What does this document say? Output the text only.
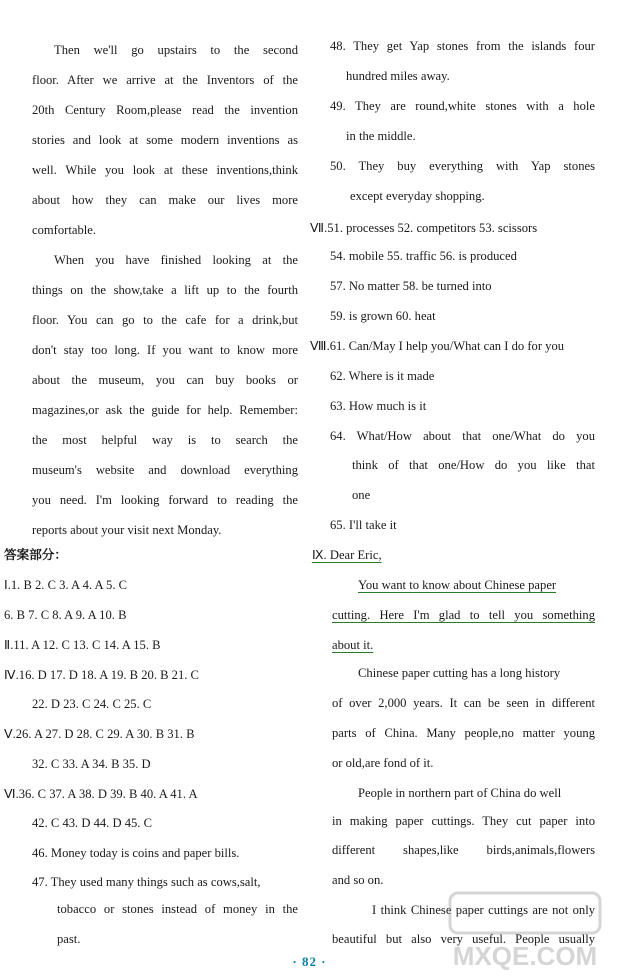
Then we'll go upstairs to the second
floor. After we arrive at the Inventors of the
20th Century Room,please read the invention
stories and look at some modern inventions as
well. While you look at these inventions,think
about how they can make our lives more
comfortable.
When you have finished looking at the
things on the show,take a lift up to the fourth
floor. You can go to the cafe for a drink,but
don't stay too long. If you want to know more
about the museum, you can buy books or
magazines,or ask the guide for help. Remember:
the most helpful way is to search the
museum's website and download everything
you need. I'm looking forward to reading the
reports about your visit next Monday.
答案部分：
Ⅰ.1. B 2. C 3. A 4. A 5. C
6. B 7. C 8. A 9. A 10. B
Ⅱ.11. A 12. C 13. C 14. A 15. B
Ⅳ.16. D 17. D 18. A 19. B 20. B 21. C
22. D 23. C 24. C 25. C
Ⅴ.26. A 27. D 28. C 29. A 30. B 31. B
32. C 33. A 34. B 35. D
Ⅵ.36. C 37. A 38. D 39. B 40. A 41. A
42. C 43. D 44. D 45. C
46. Money today is coins and paper bills.
47. They used many things such as cows,salt,
tobacco or stones instead of money in the
past.
48. They get Yap stones from the islands four
hundred miles away.
49. They are round,white stones with a hole
in the middle.
50. They buy everything with Yap stones
except everyday shopping.
Ⅶ.51. processes 52. competitors 53. scissors
54. mobile 55. traffic 56. is produced
57. No matter 58. be turned into
59. is grown 60. heat
Ⅷ.61. Can/May I help you/What can I do for you
62. Where is it made
63. How much is it
64. What/How about that one/What do you
think of that one/How do you like that
one
65. I'll take it
Ⅸ. Dear Eric,
You want to know about Chinese paper
cutting. Here I'm glad to tell you something
about it.
Chinese paper cutting has a long history
of over 2,000 years. It can be seen in different
parts of China. Many people,no matter young
or old,are fond of it.
People in northern part of China do well
in making paper cuttings. They cut paper into
different shapes,like birds,animals,flowers
and so on.
I think Chinese paper cuttings are not only
beautiful but also very useful. People usually
· 82 ·	MXQE.COM
